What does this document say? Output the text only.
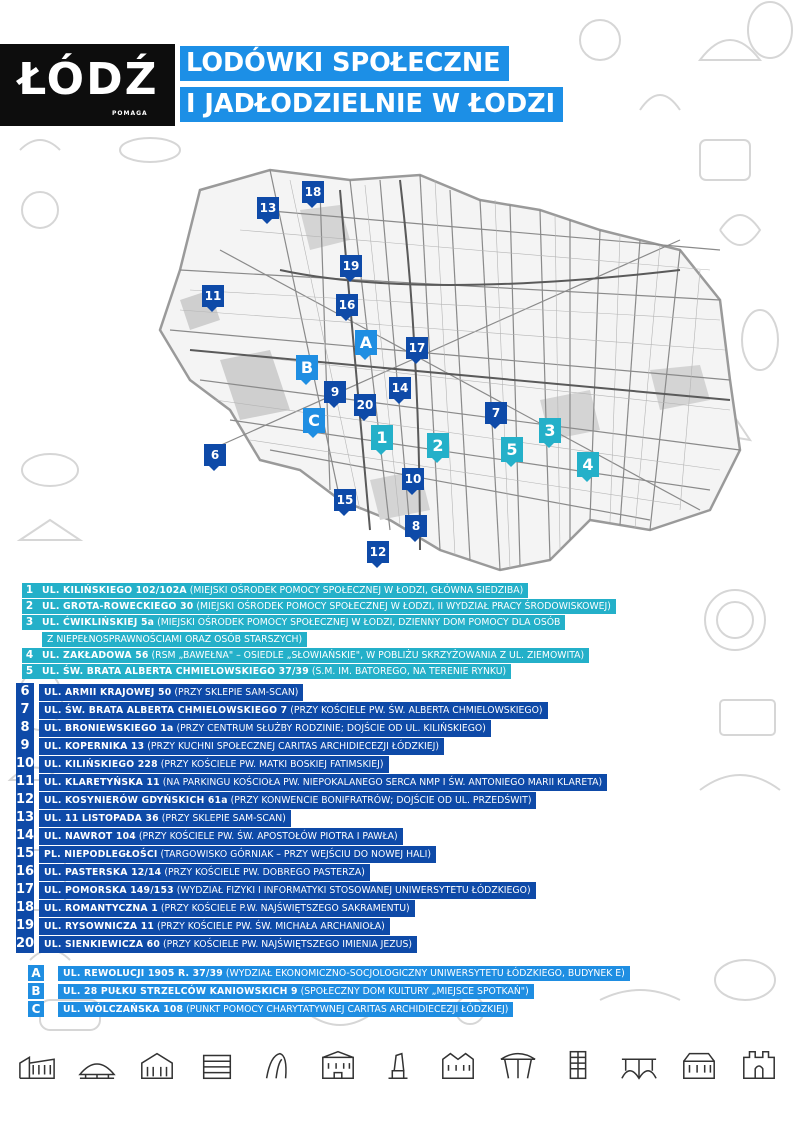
ŁÓDŹ
POMAGA
LODÓWKI SPOŁECZNE
I JADŁODZIELNIE W ŁODZI
1	2
3
4
5
6
7
8
9
10
11
12
13
14
15
16
17
18
19
20
A
B
C
1 UL. KILIŃSKIEGO 102/102A (MIEJSKI OŚRODEK POMOCY SPOŁECZNEJ W ŁODZI, GŁÓWNA SIEDZIBA)
2 UL. GROTA-ROWECKIEGO 30 (MIEJSKI OŚRODEK POMOCY SPOŁECZNEJ W ŁODZI, II WYDZIAŁ PRACY ŚRODOWISKOWEJ)
3 UL. ĆWIKLIŃSKIEJ 5a (MIEJSKI OŚRODEK POMOCY SPOŁECZNEJ W ŁODZI, DZIENNY DOM POMOCY DLA OSÓB
Z NIEPEŁNOSPRAWNOŚCIAMI ORAZ OSÓB STARSZYCH)
4 UL. ZAKŁADOWA 56 (RSM „BAWEŁNA" – OSIEDLE „SŁOWIAŃSKIE", W POBLIŻU SKRZYŻOWANIA Z UL. ZIEMOWITA)
5 UL. ŚW. BRATA ALBERTA CHMIELOWSKIEGO 37/39 (S.M. IM. BATOREGO, NA TERENIE RYNKU)
6	UL. ARMII KRAJOWEJ 50 (PRZY SKLEPIE SAM-SCAN)
7	UL. ŚW. BRATA ALBERTA CHMIELOWSKIEGO 7 (PRZY KOŚCIELE PW. ŚW. ALBERTA CHMIELOWSKIEGO)
8	UL. BRONIEWSKIEGO 1a (PRZY CENTRUM SŁUŻBY RODZINIE; DOJŚCIE OD UL. KILIŃSKIEGO)
9	UL. KOPERNIKA 13 (PRZY KUCHNI SPOŁECZNEJ CARITAS ARCHIDIECEZJI ŁÓDZKIEJ)
10	UL. KILIŃSKIEGO 228 (PRZY KOŚCIELE PW. MATKI BOSKIEJ FATIMSKIEJ)
11	UL. KLARETYŃSKA 11 (NA PARKINGU KOŚCIOŁA PW. NIEPOKALANEGO SERCA NMP I ŚW. ANTONIEGO MARII KLARETA)
12	UL. KOSYNIERÓW GDYŃSKICH 61a (PRZY KONWENCIE BONIFRATRÓW; DOJŚCIE OD UL. PRZEDŚWIT)
13	UL. 11 LISTOPADA 36 (PRZY SKLEPIE SAM-SCAN)
14	UL. NAWROT 104 (PRZY KOŚCIELE PW. ŚW. APOSTOŁÓW PIOTRA I PAWŁA)
15	PL. NIEPODLEGŁOŚCI (TARGOWISKO GÓRNIAK – PRZY WEJŚCIU DO NOWEJ HALI)
16	UL. PASTERSKA 12/14 (PRZY KOŚCIELE PW. DOBREGO PASTERZA)
17	UL. POMORSKA 149/153 (WYDZIAŁ FIZYKI I INFORMATYKI STOSOWANEJ UNIWERSYTETU ŁÓDZKIEGO)
18	UL. ROMANTYCZNA 1 (PRZY KOŚCIELE P.W. NAJŚWIĘTSZEGO SAKRAMENTU)
19	UL. RYSOWNICZA 11 (PRZY KOŚCIELE PW. ŚW. MICHAŁA ARCHANIOŁA)
20	UL. SIENKIEWICZA 60 (PRZY KOŚCIELE PW. NAJŚWIĘTSZEGO IMIENIA JEZUS)
A	UL. REWOLUCJI 1905 R. 37/39 (WYDZIAŁ EKONOMICZNO-SOCJOLOGICZNY UNIWERSYTETU ŁÓDZKIEGO, BUDYNEK E)
B	UL. 28 PUŁKU STRZELCÓW KANIOWSKICH 9 (SPOŁECZNY DOM KULTURY „MIEJSCE SPOTKAŃ")
C	UL. WÓLCZAŃSKA 108 (PUNKT POMOCY CHARYTATYWNEJ CARITAS ARCHIDIECEZJI ŁÓDZKIEJ)
